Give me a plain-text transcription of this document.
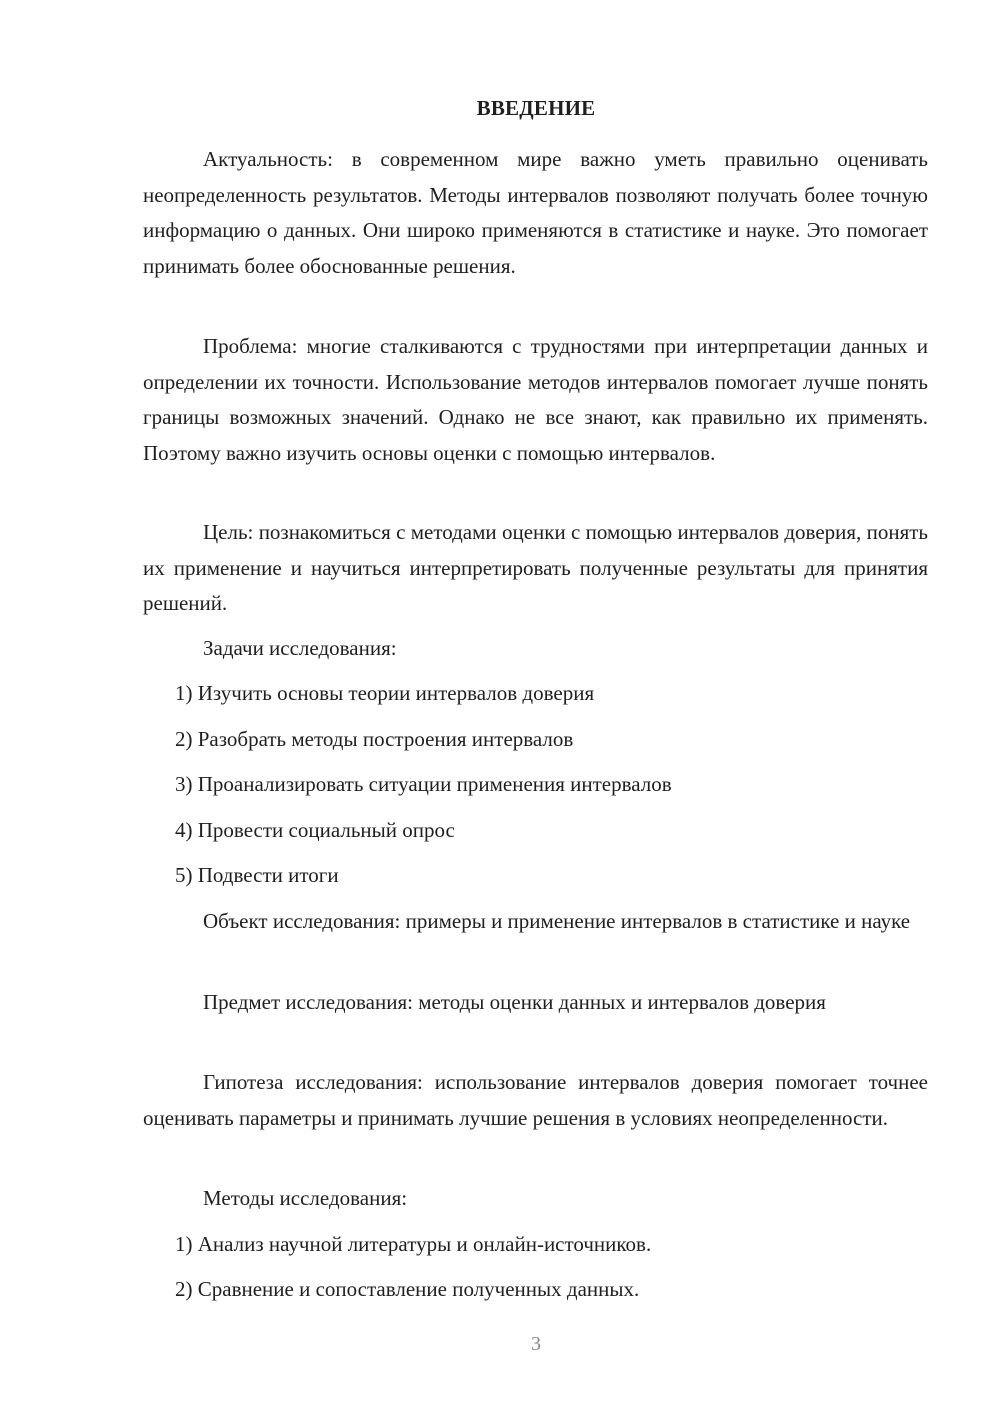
ВВЕДЕНИЕ
Актуальность: в современном мире важно уметь правильно оценивать неопределенность результатов. Методы интервалов позволяют получать более точную информацию о данных. Они широко применяются в статистике и науке. Это помогает принимать более обоснованные решения.
Проблема: многие сталкиваются с трудностями при интерпретации данных и определении их точности. Использование методов интервалов помогает лучше понять границы возможных значений. Однако не все знают, как правильно их применять. Поэтому важно изучить основы оценки с помощью интервалов.
Цель: познакомиться с методами оценки с помощью интервалов доверия, понять их применение и научиться интерпретировать полученные результаты для принятия решений.
Задачи исследования:
1) Изучить основы теории интервалов доверия
2) Разобрать методы построения интервалов
3) Проанализировать ситуации применения интервалов
4) Провести социальный опрос
5) Подвести итоги
Объект исследования: примеры и применение интервалов в статистике и науке
Предмет исследования: методы оценки данных и интервалов доверия
Гипотеза исследования: использование интервалов доверия помогает точнее оценивать параметры и принимать лучшие решения в условиях неопределенности.
Методы исследования:
1) Анализ научной литературы и онлайн-источников.
2) Сравнение и сопоставление полученных данных.
3
